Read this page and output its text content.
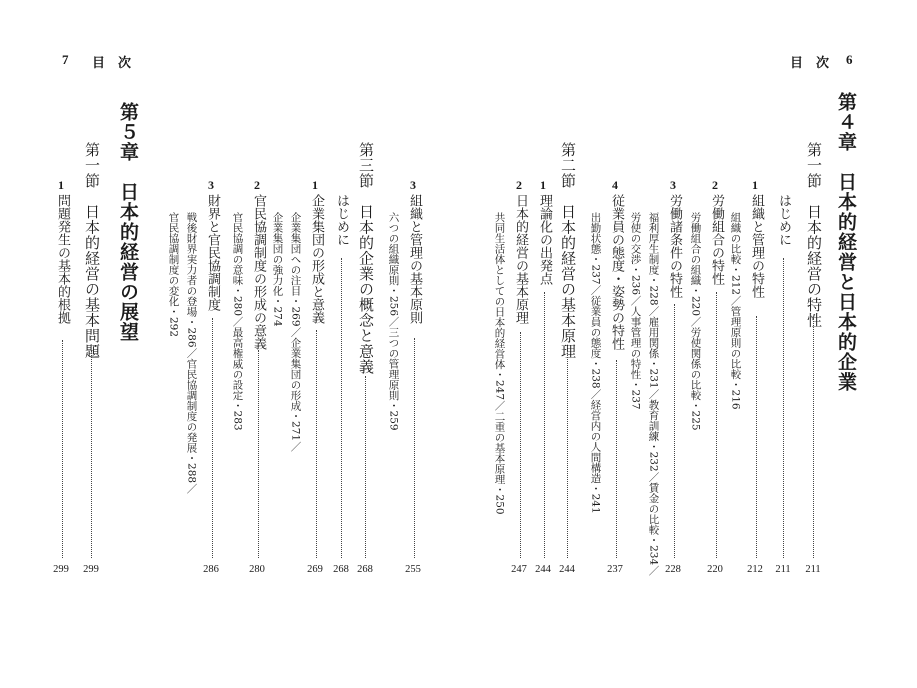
7 目　次	目　次 6
第４章　日本的経営と日本的企業
第一節　日本的経営の特性
211
はじめに
211
1
組織と管理の特性
212
組織の比較・212／管理原則の比較・216
2
労働組合の特性
220
労働組合の組織・220／労使関係の比較・225
3
労働諸条件の特性
228
福利厚生制度・228／雇用関係・231／教育訓練・232／賃金の比較・234／
労使の交渉・236／人事管理の特性・237
4
従業員の態度・姿勢の特性
237
出勤状態・237／従業員の態度・238／経営内の人間構造・241
第二節　日本的経営の基本原理
244
1
理論化の出発点
244
2
日本的経営の基本原理
247
共同生活体としての日本的経営体・247／二重の基本原理・250
3
組織と管理の基本原則
255
六つの組織原則・256／三つの管理原則・259
第三節　日本的企業の概念と意義
268
はじめに
268
1
企業集団の形成と意義
269
企業集団への注目・269／企業集団の形成・271／
企業集団の強力化・274
2
官民協調制度の形成の意義
280
官民協調の意味・280／最高権威の設定・283
3
財界と官民協調制度
286
戦後財界実力者の登場・286／官民協調制度の発展・288／
官民協調制度の変化・292
第５章　日本的経営の展望
第一節　日本的経営の基本問題
299
1
問題発生の基本的根拠
299
